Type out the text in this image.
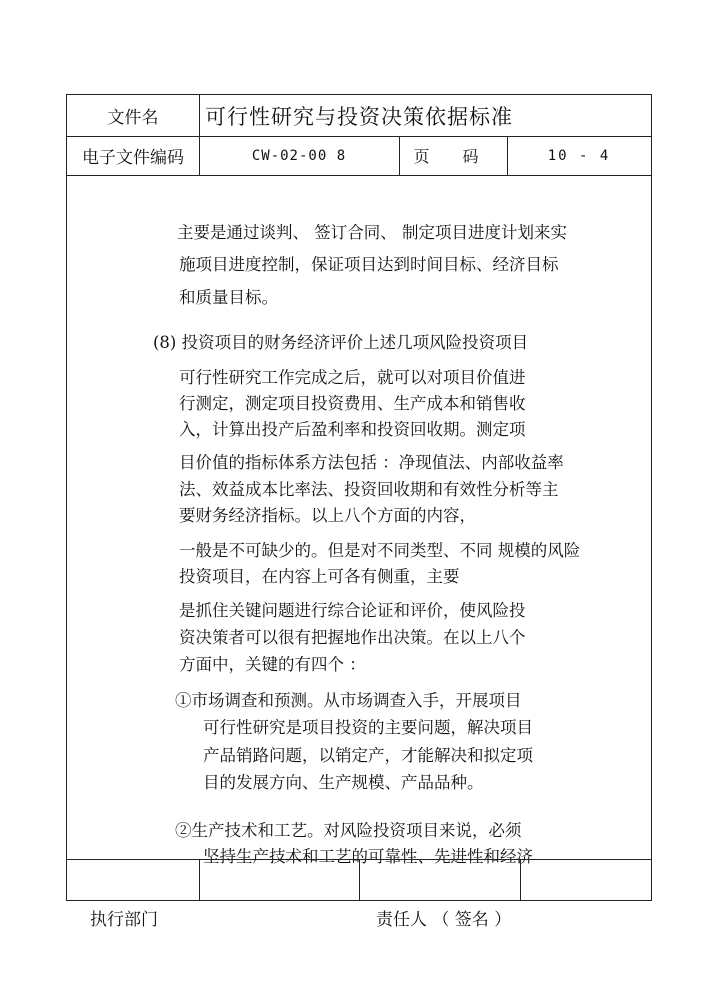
文件名	可行性研究与投资决策依据标准
电子文件编码	CW-02-00 8	页 码	10 - 4
主要是通过谈判、 签订合同、 制定项目进度计划来实
施项目进度控制，保证项目达到时间目标、经济目标
和质量目标。
(8) 投资项目的财务经济评价上述几项风险投资项目
可行性研究工作完成之后，就可以对项目价值进
行测定，测定项目投资费用、生产成本和销售收
入，计算出投产后盈利率和投资回收期。测定项
目价值的指标体系方法包括 ：净现值法、内部收益率
法、效益成本比率法、投资回收期和有效性分析等主
要财务经济指标。以上八个方面的内容，
一般是不可缺少的。但是对不同类型、不同 规模的风险
投资项目，在内容上可各有侧重，主要
是抓住关键问题进行综合论证和评价，使风险投
资决策者可以很有把握地作出决策。在以上八个
方面中，关键的有四个 ：
①市场调查和预测。从市场调查入手，开展项目
可行性研究是项目投资的主要问题，解决项目
产品销路问题，以销定产，才能解决和拟定项
目的发展方向、生产规模、产品品种。
②生产技术和工艺。对风险投资项目来说，必须
坚持生产技术和工艺的可靠性、先进性和经济
执行部门	责任人 （ 签名 ）
